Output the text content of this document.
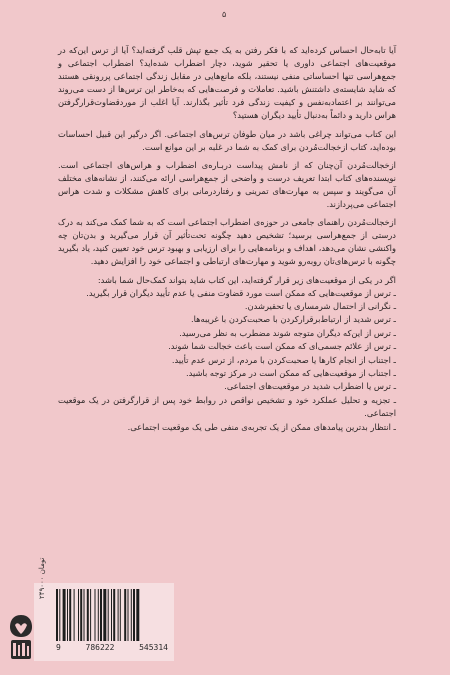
۵

آیا تابه‌حال احساس کرده‌اید که با فکر رفتن به یک جمع تپش قلب گرفته‌اید؟ آیا از ترس این‌که در موقعیت‌های اجتماعی داوری یا تحقیر شوید، دچار اضطراب شده‌اید؟ اضطراب اجتماعی و جمع‌هراسی تنها احساساتی منفی نیستند، بلکه مانع‌هایی در مقابل زندگی اجتماعی پررونقی هستند که شاید شایسته‌ی داشتنش باشید. تعاملات و فرصت‌هایی که به‌خاطر این ترس‌ها از دست می‌روند می‌توانند بر اعتمادبه‌نفس و کیفیت زندگی فرد تأثیر بگذارند. آیا اغلب از موردقضاوت‌قرارگرفتن هراس دارید و دائماً به‌دنبال تأیید دیگران هستید؟

این کتاب می‌تواند چراغی باشد در میان طوفان ترس‌های اجتماعی. اگر درگیر این قبیل احساسات بوده‌اید، کتاب ازخجالت‌مُردن برای کمک به شما در غلبه بر این موانع است.

ازخجالت‌مُردن آن‌چنان که از نامش پیداست دربـاره‌ی اضطراب و هراس‌های اجتماعی است. نویسنده‌های کتاب ابتدا تعریف درست و واضحی از جمع‌هراسی ارائه می‌کنند، از نشانه‌های مختلف آن می‌گویند و سپس به مهارت‌های تمرینی و رفتاردرمانی برای کاهش مشکلات و شدت هراس اجتماعی می‌پردازند.

ازخجالت‌مُردن راهنمای جامعی در حوزه‌ی اضطراب اجتماعی است که به شما کمک می‌کند به درک درستی از جمع‌هراسی برسید؛ تشخیص دهید چگونه تحت‌تأثیر آن قرار می‌گیرید و بدن‌تان چه واکنشی نشان می‌دهد، اهداف و برنامه‌هایی را برای ارزیابی و بهبود ترس خود تعیین کنید، یاد بگیرید چگونه با ترس‌های‌تان روبه‌رو شوید و مهارت‌های ارتباطی و اجتماعی خود را افزایش دهید.

اگر در یکی از موقعیت‌های زیر قرار گرفته‌اید، این کتاب شاید بتواند کمک‌حال شما باشد:

ـ ترس از موقعیت‌هایی که ممکن است مورد قضاوت منفی یا عدم تأیید دیگران قرار بگیرید.
ـ نگرانی از احتمال شرمساری یا تحقیرشدن.
ـ ترس شدید از ارتباط‌برقرارکردن با صحبت‌کردن با غریبه‌ها.
ـ ترس از این‌که دیگران متوجه شوند مضطرب به نظر می‌رسید.
ـ ترس از علائم جسمی‌ای که ممکن است باعث خجالت شما شوند.
ـ اجتناب از انجام کارها یا صحبت‌کردن با مردم، از ترس عدم تأیید.
ـ اجتناب از موقعیت‌هایی که ممکن است در مرکز توجه باشید.
ـ ترس یا اضطراب شدید در موقعیت‌های اجتماعی.
ـ تجزیه و تحلیل عملکرد خود و تشخیص نواقص در روابط خود پس از قرارگرفتن در یک موقعیت اجتماعی.
ـ انتظار بدترین پیامدهای ممکن از یک تجربه‌ی منفی طی یک موقعیت اجتماعی.
۲۴۹۰۰۰ تومان
9	786222	545314
